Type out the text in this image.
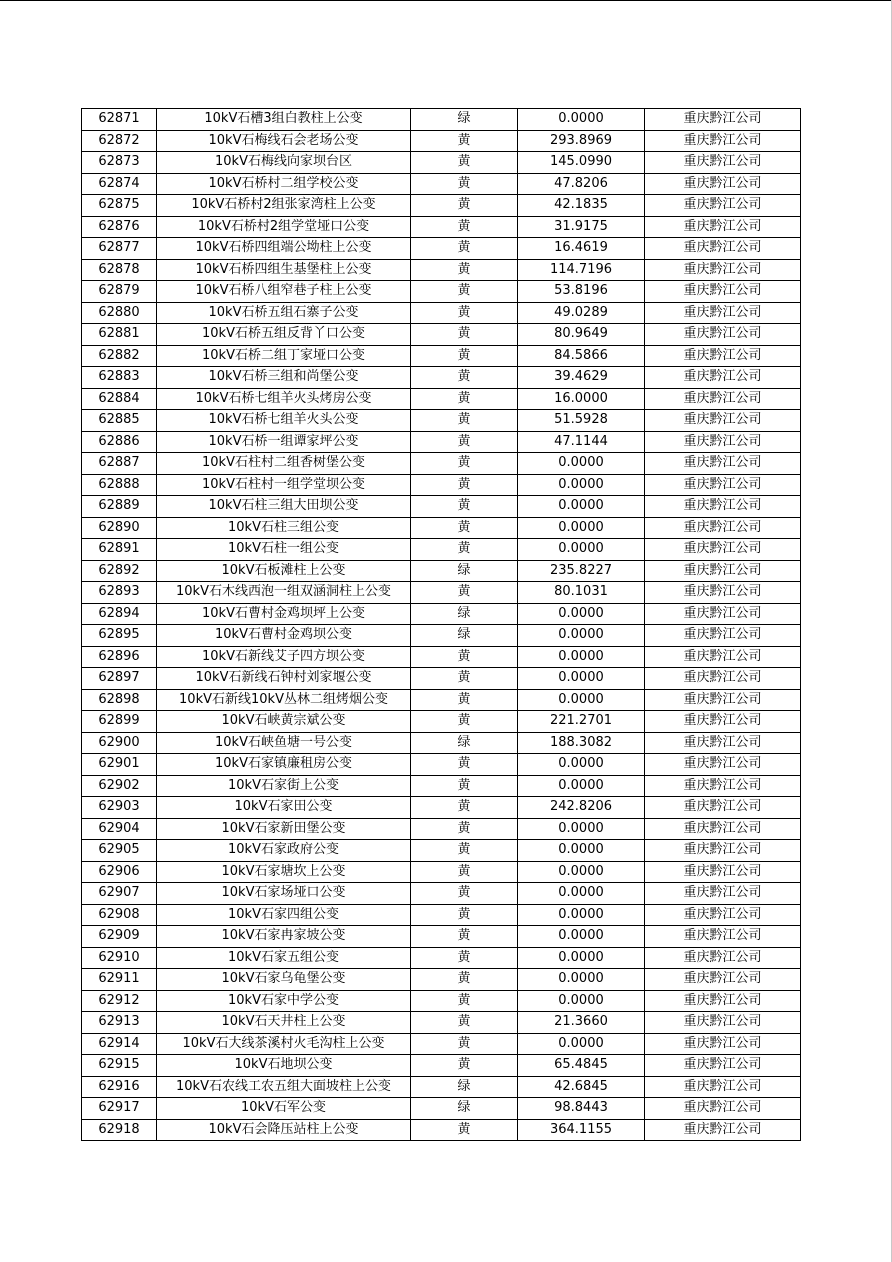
62871	10kV石槽3组白教柱上公变	绿	0.0000	重庆黔江公司
62872	10kV石梅线石会老场公变	黄	293.8969	重庆黔江公司
62873	10kV石梅线向家坝台区	黄	145.0990	重庆黔江公司
62874	10kV石桥村二组学校公变	黄	47.8206	重庆黔江公司
62875	10kV石桥村2组张家湾柱上公变	黄	42.1835	重庆黔江公司
62876	10kV石桥村2组学堂垭口公变	黄	31.9175	重庆黔江公司
62877	10kV石桥四组端公坳柱上公变	黄	16.4619	重庆黔江公司
62878	10kV石桥四组生基堡柱上公变	黄	114.7196	重庆黔江公司
62879	10kV石桥八组窄巷子柱上公变	黄	53.8196	重庆黔江公司
62880	10kV石桥五组石寨子公变	黄	49.0289	重庆黔江公司
62881	10kV石桥五组反背丫口公变	黄	80.9649	重庆黔江公司
62882	10kV石桥二组丁家垭口公变	黄	84.5866	重庆黔江公司
62883	10kV石桥三组和尚堡公变	黄	39.4629	重庆黔江公司
62884	10kV石桥七组羊火头烤房公变	黄	16.0000	重庆黔江公司
62885	10kV石桥七组羊火头公变	黄	51.5928	重庆黔江公司
62886	10kV石桥一组谭家坪公变	黄	47.1144	重庆黔江公司
62887	10kV石柱村二组香树堡公变	黄	0.0000	重庆黔江公司
62888	10kV石柱村一组学堂坝公变	黄	0.0000	重庆黔江公司
62889	10kV石柱三组大田坝公变	黄	0.0000	重庆黔江公司
62890	10kV石柱三组公变	黄	0.0000	重庆黔江公司
62891	10kV石柱一组公变	黄	0.0000	重庆黔江公司
62892	10kV石板滩柱上公变	绿	235.8227	重庆黔江公司
62893	10kV石木线西泡一组双涵洞柱上公变	黄	80.1031	重庆黔江公司
62894	10kV石曹村金鸡坝坪上公变	绿	0.0000	重庆黔江公司
62895	10kV石曹村金鸡坝公变	绿	0.0000	重庆黔江公司
62896	10kV石新线艾子四方坝公变	黄	0.0000	重庆黔江公司
62897	10kV石新线石钟村刘家堰公变	黄	0.0000	重庆黔江公司
62898	10kV石新线10kV丛林二组烤烟公变	黄	0.0000	重庆黔江公司
62899	10kV石峡黄宗斌公变	黄	221.2701	重庆黔江公司
62900	10kV石峡鱼塘一号公变	绿	188.3082	重庆黔江公司
62901	10kV石家镇廉租房公变	黄	0.0000	重庆黔江公司
62902	10kV石家街上公变	黄	0.0000	重庆黔江公司
62903	10kV石家田公变	黄	242.8206	重庆黔江公司
62904	10kV石家新田堡公变	黄	0.0000	重庆黔江公司
62905	10kV石家政府公变	黄	0.0000	重庆黔江公司
62906	10kV石家塘坎上公变	黄	0.0000	重庆黔江公司
62907	10kV石家场垭口公变	黄	0.0000	重庆黔江公司
62908	10kV石家四组公变	黄	0.0000	重庆黔江公司
62909	10kV石家冉家坡公变	黄	0.0000	重庆黔江公司
62910	10kV石家五组公变	黄	0.0000	重庆黔江公司
62911	10kV石家乌龟堡公变	黄	0.0000	重庆黔江公司
62912	10kV石家中学公变	黄	0.0000	重庆黔江公司
62913	10kV石天井柱上公变	黄	21.3660	重庆黔江公司
62914	10kV石大线茶溪村火毛沟柱上公变	黄	0.0000	重庆黔江公司
62915	10kV石地坝公变	黄	65.4845	重庆黔江公司
62916	10kV石农线工农五组大面坡柱上公变	绿	42.6845	重庆黔江公司
62917	10kV石军公变	绿	98.8443	重庆黔江公司
62918	10kV石会降压站柱上公变	黄	364.1155	重庆黔江公司
